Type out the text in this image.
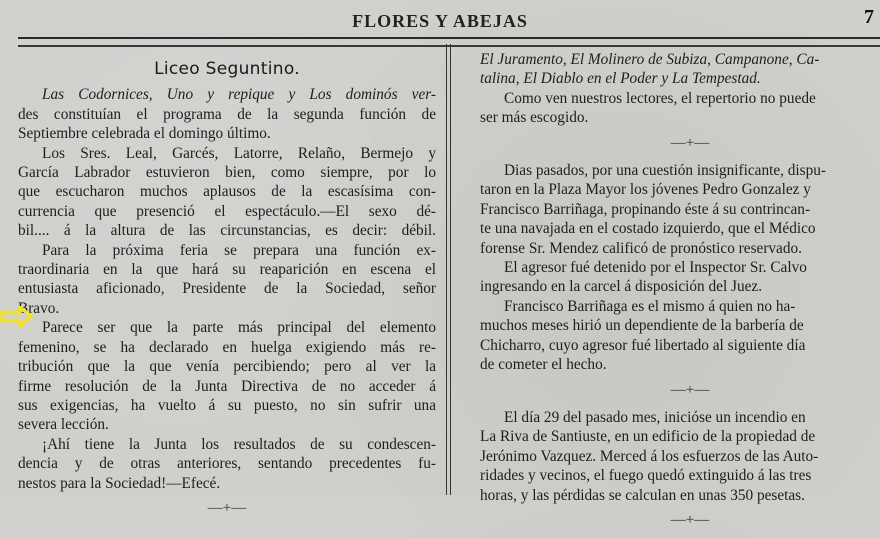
FLORES Y ABEJAS	7
Liceo Seguntino.
Las Codornices, Uno y repique y Los dominós ver-
des constituían el programa de la segunda función de
Septiembre celebrada el domingo último.
Los Sres. Leal, Garcés, Latorre, Relaño, Bermejo y
García Labrador estuvieron bien, como siempre, por lo
que escucharon muchos aplausos de la escasísima con-
currencia que presenció el espectáculo.—El sexo dé-
bil.... á la altura de las circunstancias, es decir: débil.
Para la próxima feria se prepara una función ex-
traordinaria en la que hará su reaparición en escena el
entusiasta aficionado, Presidente de la Sociedad, señor
Bravo.
Parece ser que la parte más principal del elemento
femenino, se ha declarado en huelga exigiendo más re-
tribución que la que venía percibiendo; pero al ver la
firme resolución de la Junta Directiva de no acceder á
sus exigencias, ha vuelto á su puesto, no sin sufrir una
severa lección.
¡Ahí tiene la Junta los resultados de su condescen-
dencia y de otras anteriores, sentando precedentes fu-
nestos para la Sociedad!—Efecé.
—+—
El Juramento, El Molinero de Subiza, Campanone, Ca-
talina, El Diablo en el Poder y La Tempestad.
Como ven nuestros lectores, el repertorio no puede
ser más escogido.
—+—
Dias pasados, por una cuestión insignificante, dispu-
taron en la Plaza Mayor los jóvenes Pedro Gonzalez y
Francisco Barriñaga, propinando éste á su contrincan-
te una navajada en el costado izquierdo, que el Médico
forense Sr. Mendez calificó de pronóstico reservado.
El agresor fué detenido por el Inspector Sr. Calvo
ingresando en la carcel á disposición del Juez.
Francisco Barriñaga es el mismo á quien no ha-
muchos meses hirió un dependiente de la barbería de
Chicharro, cuyo agresor fué libertado al siguiente día
de cometer el hecho.
—+—
El día 29 del pasado mes, inicióse un incendio en
La Riva de Santiuste, en un edificio de la propiedad de
Jerónimo Vazquez. Merced á los esfuerzos de las Auto-
ridades y vecinos, el fuego quedó extinguido á las tres
horas, y las pérdidas se calculan en unas 350 pesetas.
—+—
